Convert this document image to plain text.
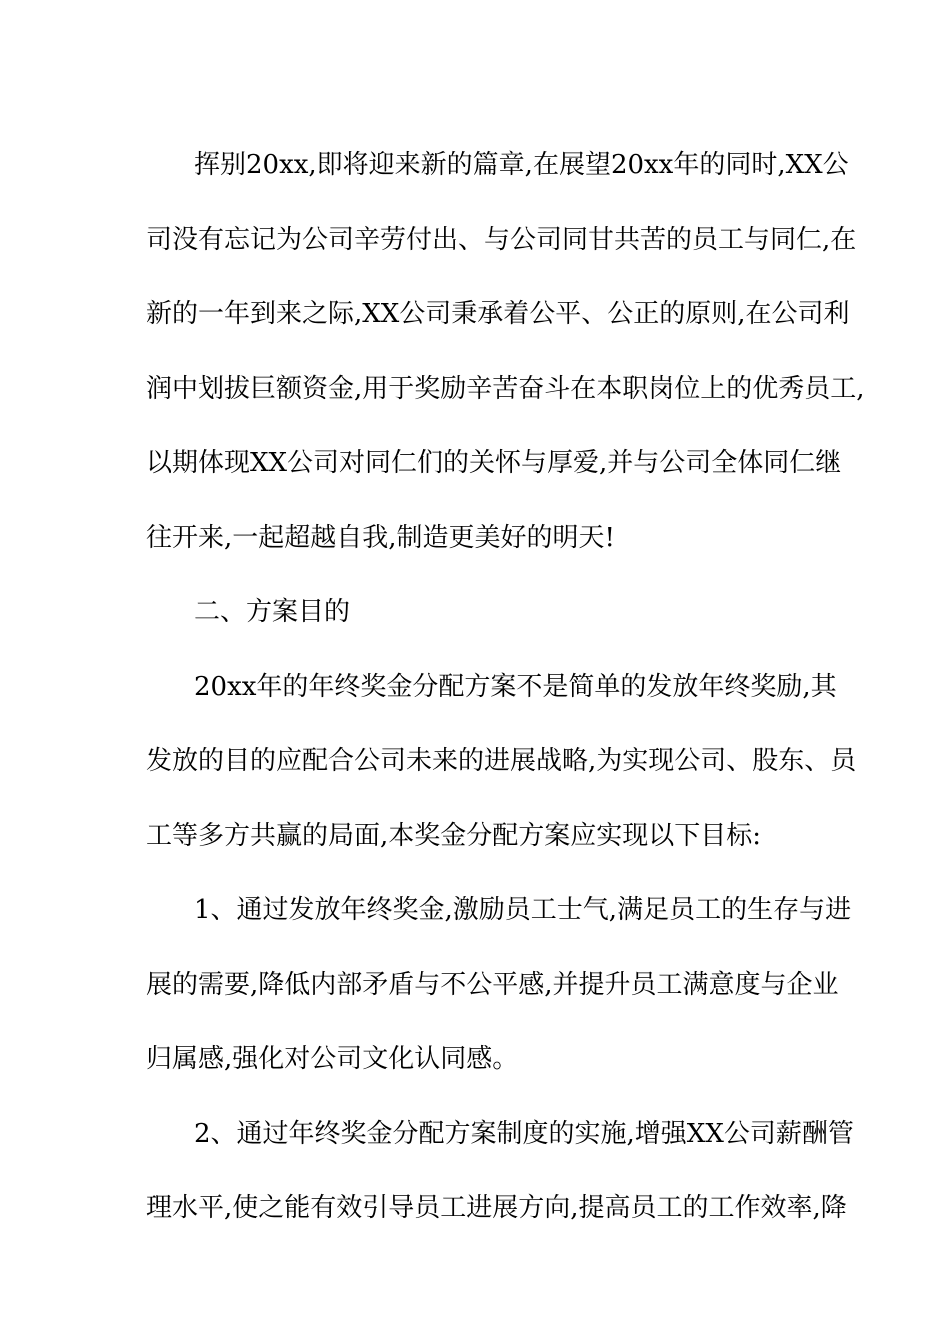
挥别20xx,即将迎来新的篇章,在展望20xx年的同时,XX公
司没有忘记为公司辛劳付出、与公司同甘共苦的员工与同仁,在
新的一年到来之际,XX公司秉承着公平、公正的原则,在公司利
润中划拔巨额资金,用于奖励辛苦奋斗在本职岗位上的优秀员工,
以期体现XX公司对同仁们的关怀与厚爱,并与公司全体同仁继
往开来,一起超越自我,制造更美好的明天!
二、方案目的
20xx年的年终奖金分配方案不是简单的发放年终奖励,其
发放的目的应配合公司未来的进展战略,为实现公司、股东、员
工等多方共赢的局面,本奖金分配方案应实现以下目标:
1、通过发放年终奖金,激励员工士气,满足员工的生存与进
展的需要,降低内部矛盾与不公平感,并提升员工满意度与企业
归属感,强化对公司文化认同感。
2、通过年终奖金分配方案制度的实施,增强XX公司薪酬管
理水平,使之能有效引导员工进展方向,提高员工的工作效率,降
